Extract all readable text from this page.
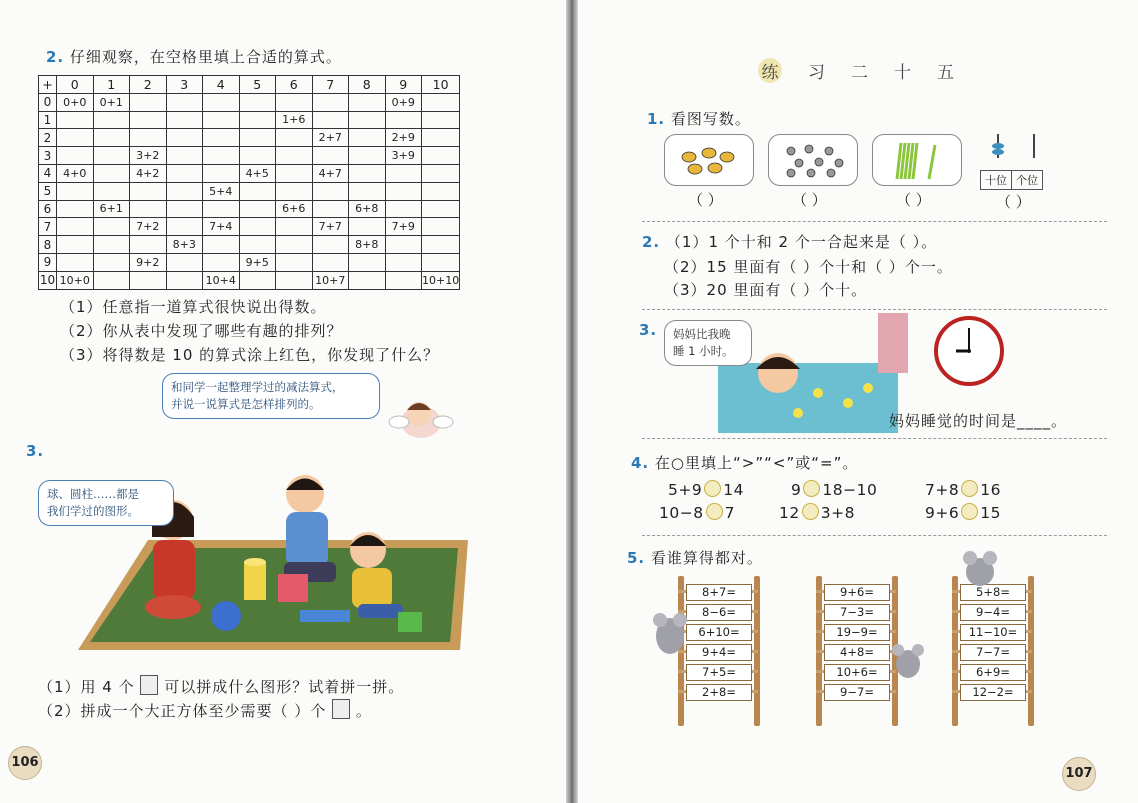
2. 仔细观察，在空格里填上合适的算式。
+	0	1	2	3	4	5	6	7	8	9	10
0	0+0	0+1								0+9	
1							1+6				
2								2+7		2+9	
3			3+2							3+9	
4	4+0		4+2			4+5		4+7			
5					5+4						
6		6+1					6+6		6+8		
7			7+2		7+4			7+7		7+9	
8				8+3					8+8		
9			9+2			9+5					
10	10+0				10+4			10+7			10+10
（1）任意指一道算式很快说出得数。
（2）你从表中发现了哪些有趣的排列？
（3）将得数是 10 的算式涂上红色，你发现了什么？
和同学一起整理学过的减法算式，
并说一说算式是怎样排列的。
3.
球、圆柱……都是
我们学过的图形。
（1）用 4 个 可以拼成什么图形？试着拼一拼。
（2）拼成一个大正方体至少需要（ ）个 。
106
练 习 二 十 五
1. 看图写数。
十位 个位
（ ）	（ ）	（ ）	（ ）
2. （1）1 个十和 2 个一合起来是（ ）。
（2）15 里面有（ ）个十和（ ）个一。
（3）20 里面有（ ）个十。
3. 妈妈比我晚
睡 1 小时。
妈妈睡觉的时间是____。
4. 在○里填上“>”“<”或“=”。
5+9 14	9 18−10	7+8 16
10−8 7	12 3+8	9+6 15
5. 看谁算得都对。
8+7=
8−6=
6+10=
9+4=
7+5=
2+8=
9+6=
7−3=
19−9=
4+8=
10+6=
9−7=
5+8=
9−4=
11−10=
7−7=
6+9=
12−2=
107
